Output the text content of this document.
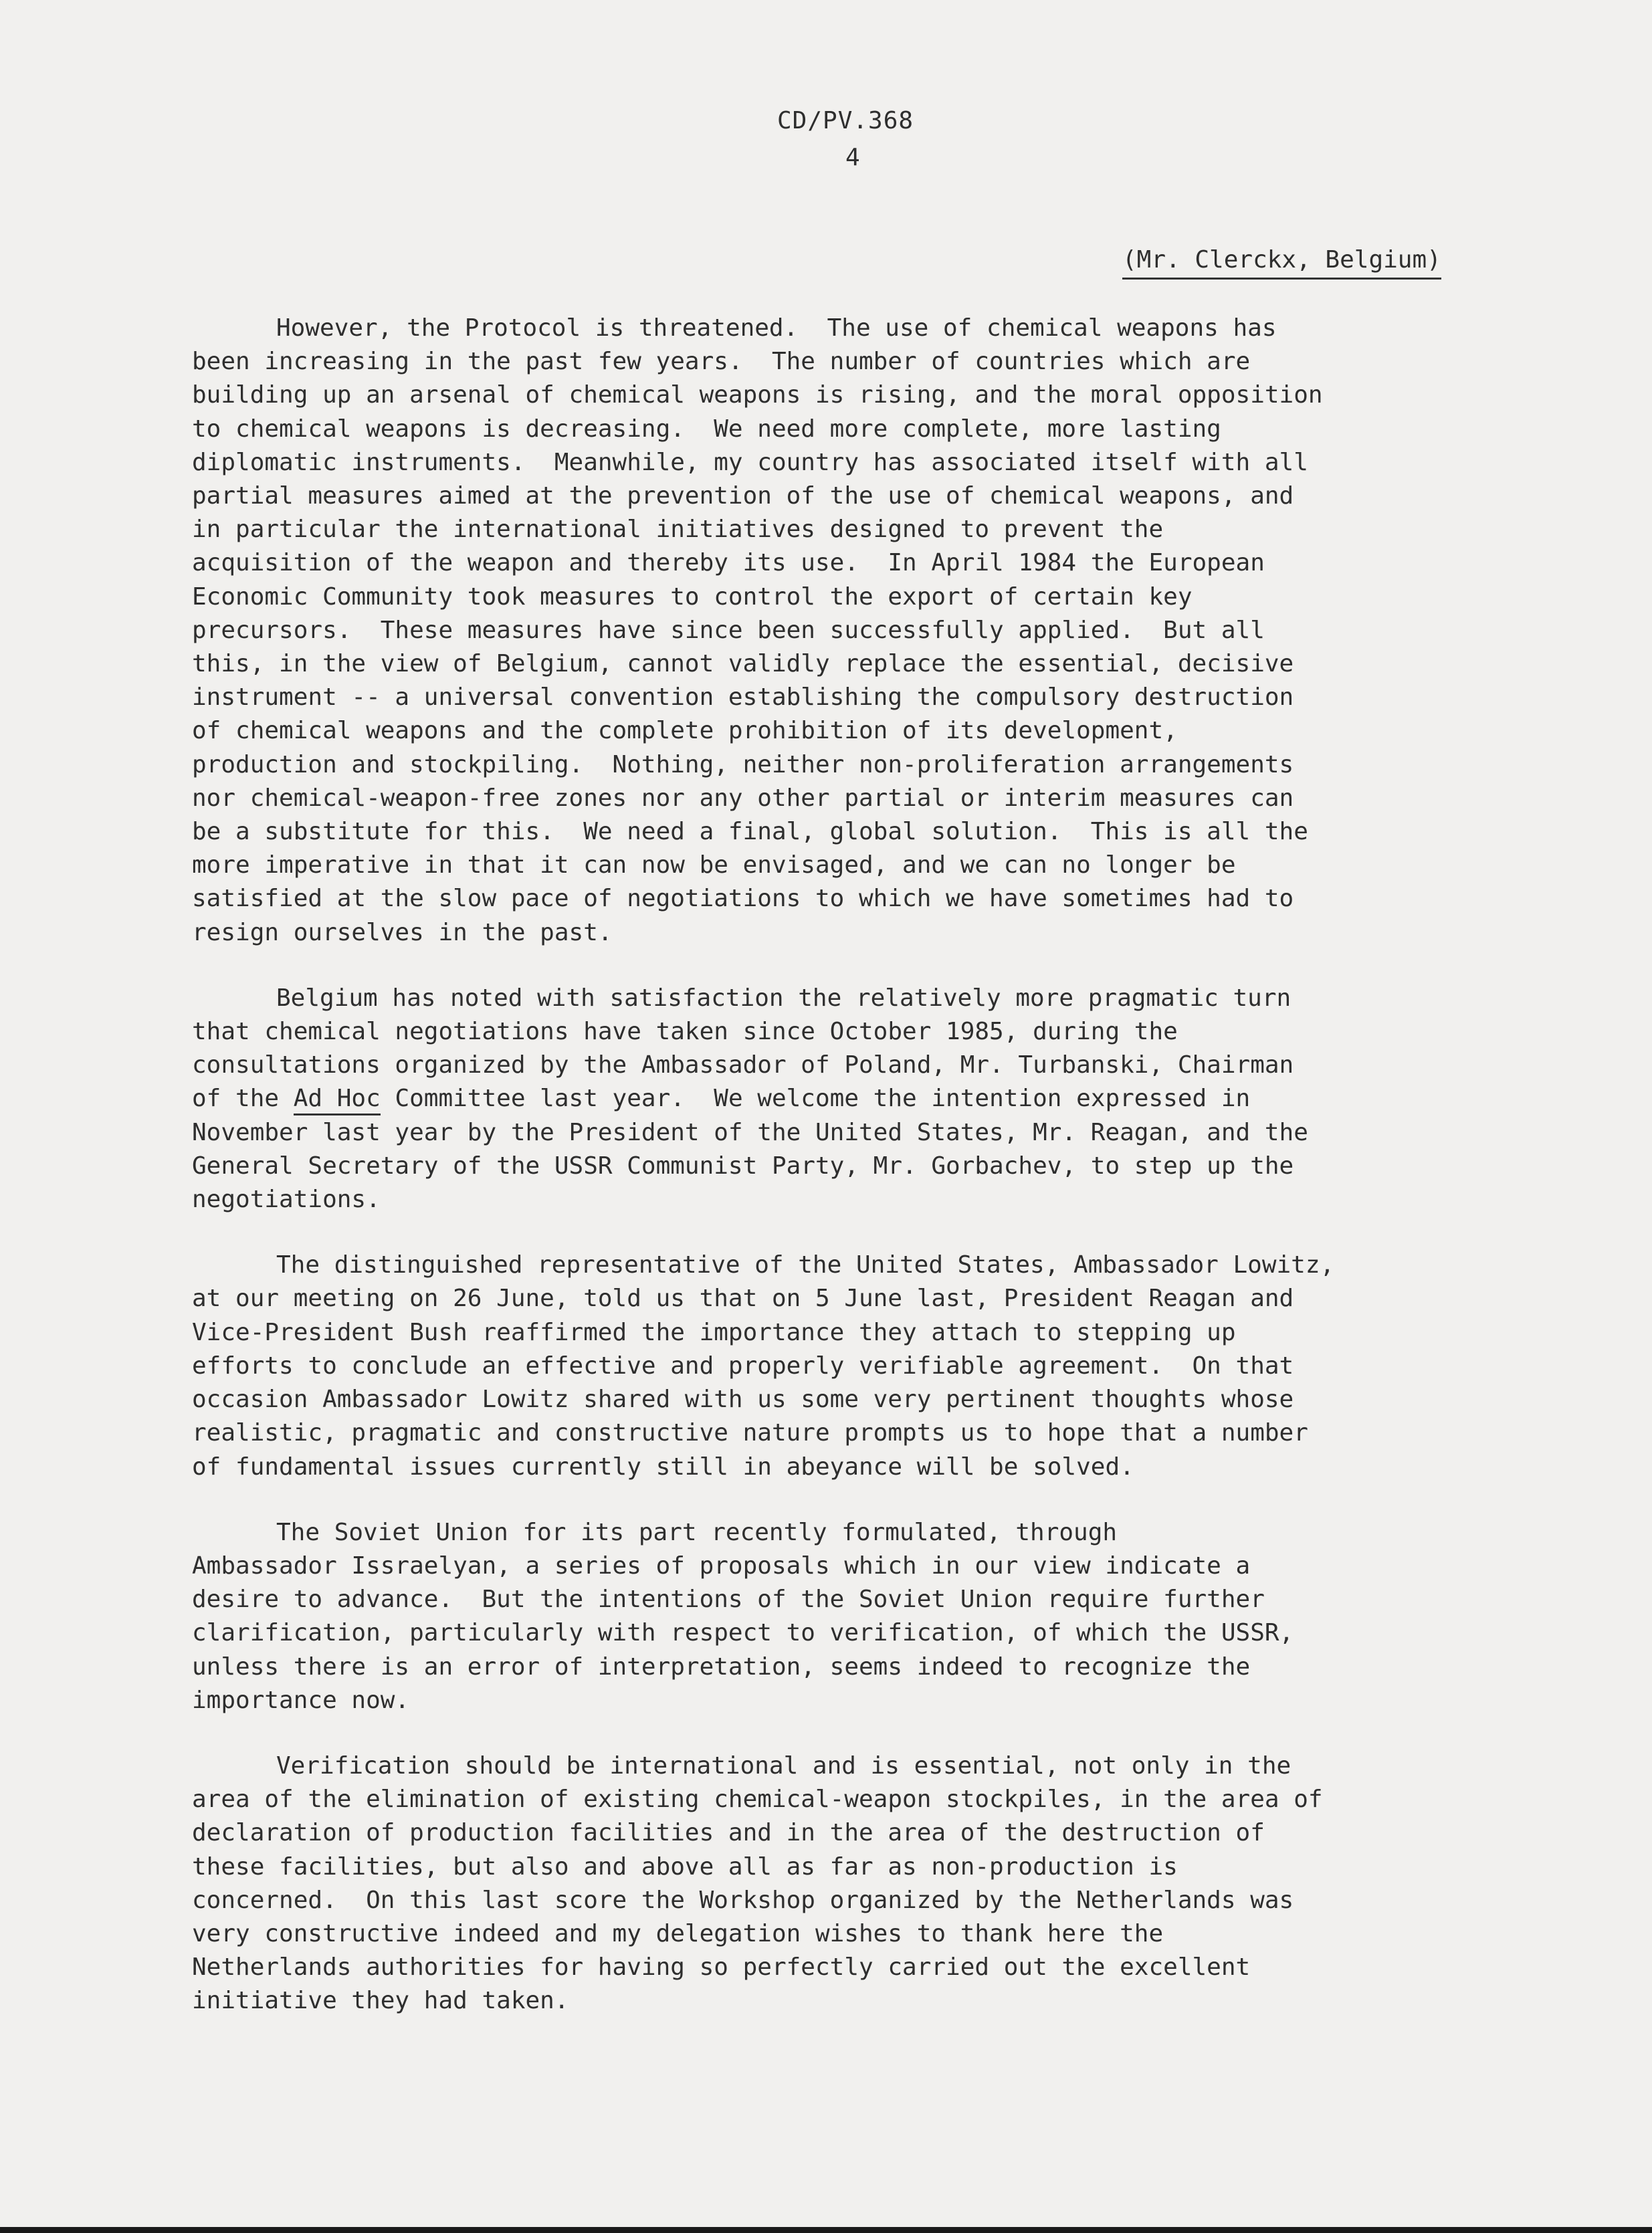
CD/PV.368
4
(Mr. Clerckx, Belgium)

However, the Protocol is threatened.  The use of chemical weapons has
been increasing in the past few years.  The number of countries which are
building up an arsenal of chemical weapons is rising, and the moral opposition
to chemical weapons is decreasing.  We need more complete, more lasting
diplomatic instruments.  Meanwhile, my country has associated itself with all
partial measures aimed at the prevention of the use of chemical weapons, and
in particular the international initiatives designed to prevent the
acquisition of the weapon and thereby its use.  In April 1984 the European
Economic Community took measures to control the export of certain key
precursors.  These measures have since been successfully applied.  But all
this, in the view of Belgium, cannot validly replace the essential, decisive
instrument -- a universal convention establishing the compulsory destruction
of chemical weapons and the complete prohibition of its development,
production and stockpiling.  Nothing, neither non-proliferation arrangements
nor chemical-weapon-free zones nor any other partial or interim measures can
be a substitute for this.  We need a final, global solution.  This is all the
more imperative in that it can now be envisaged, and we can no longer be
satisfied at the slow pace of negotiations to which we have sometimes had to
resign ourselves in the past.

Belgium has noted with satisfaction the relatively more pragmatic turn
that chemical negotiations have taken since October 1985, during the
consultations organized by the Ambassador of Poland, Mr. Turbanski, Chairman
of the Ad Hoc Committee last year.  We welcome the intention expressed in
November last year by the President of the United States, Mr. Reagan, and the
General Secretary of the USSR Communist Party, Mr. Gorbachev, to step up the
negotiations.

The distinguished representative of the United States, Ambassador Lowitz,
at our meeting on 26 June, told us that on 5 June last, President Reagan and
Vice-President Bush reaffirmed the importance they attach to stepping up
efforts to conclude an effective and properly verifiable agreement.  On that
occasion Ambassador Lowitz shared with us some very pertinent thoughts whose
realistic, pragmatic and constructive nature prompts us to hope that a number
of fundamental issues currently still in abeyance will be solved.

The Soviet Union for its part recently formulated, through
Ambassador Issraelyan, a series of proposals which in our view indicate a
desire to advance.  But the intentions of the Soviet Union require further
clarification, particularly with respect to verification, of which the USSR,
unless there is an error of interpretation, seems indeed to recognize the
importance now.

Verification should be international and is essential, not only in the
area of the elimination of existing chemical-weapon stockpiles, in the area of
declaration of production facilities and in the area of the destruction of
these facilities, but also and above all as far as non-production is
concerned.  On this last score the Workshop organized by the Netherlands was
very constructive indeed and my delegation wishes to thank here the
Netherlands authorities for having so perfectly carried out the excellent
initiative they had taken.
